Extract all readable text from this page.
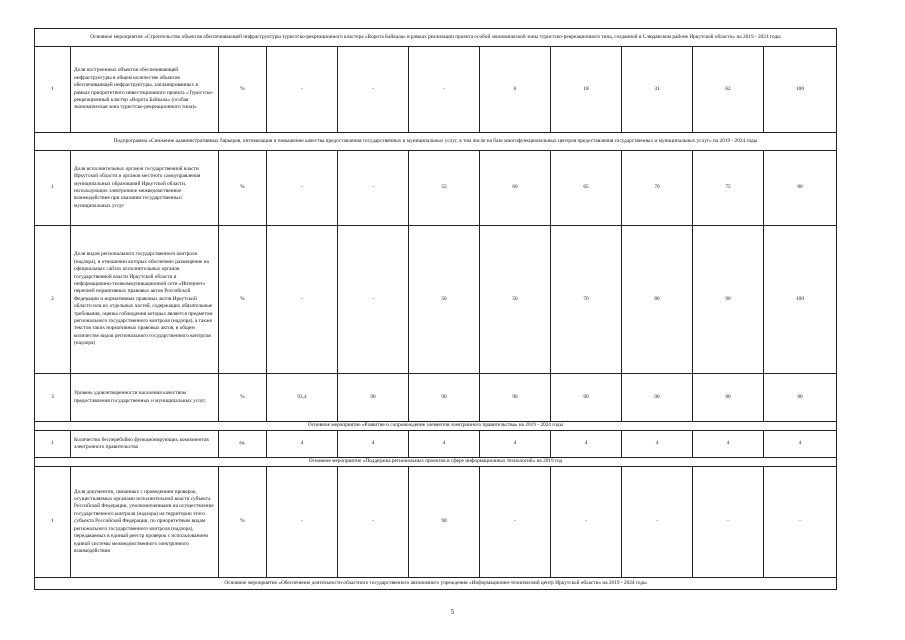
Основное мероприятие «Строительство объектов обеспечивающей инфраструктуры туристско-рекреационного кластера «Ворота Байкала» в рамках реализации проекта особой экономической зоны туристско-рекреационного типа, созданной в Слюдянском районе Иркутской области» на 2019 - 2024 годы										
1	Доля построенных объектов обеспечивающей инфраструктуры в общем количестве объектов обеспечивающей инфраструктуры, запланированных в рамках приоритетного инвестиционного проекта «Туристско-рекреационный кластер «Ворота Байкала» (особая экономическая зона туристско-рекреационного типа)»	%	-	-	-	6	18	31	62	100
Подпрограмма «Снижение административных барьеров, оптимизация и повышение качества предоставления государственных и муниципальных услуг, в том числе на базе многофункциональных центров предоставления государственных и муниципальных услуг» на 2019 - 2024 годы										
1	Доля исполнительных органов государственной власти Иркутской области и органов местного самоуправления муниципальных образований Иркутской области, использующих электронное межведомственное взаимодействие при оказании государственных/муниципальных услуг	%	-	-	55	60	65	70	75	80
2	Доля видов регионального государственного контроля (надзора), в отношении которых обеспечено размещение на официальных сайтах исполнительных органов государственной власти Иркутской области в информационно-телекоммуникационной сети «Интернет» перечней нормативных правовых актов Российской Федерации и нормативных правовых актов Иркутской области или их отдельных частей, содержащих обязательные требования, оценка соблюдения которых является предметом регионального государственного контроля (надзора), а также текстов таких нормативных правовых актов, в общем количестве видов регионального государственного контроля (надзора)	%	-	-	50	50	70	80	90	100
3	Уровень удовлетворенности населения качеством предоставления государственных и муниципальных услуг	%	93,4	90	90	90	90	90	90	90
Основное мероприятие «Развитие и сопровождение элементов электронного правительства» на 2019 - 2024 годы										
1	Количество бесперебойно функционирующих компонентов электронного правительства	ед.	4	4	4	4	4	4	4	4
Основное мероприятие «Поддержка региональных проектов в сфере информационных технологий» на 2019 год										
1	Доля документов, связанных с проведением проверок, осуществляемых органами исполнительной власти субъекта Российской Федерации, уполномоченными на осуществление государственного контроля (надзора) на территории этого субъекта Российской Федерации, по приоритетным видам регионального государственного контроля (надзора), передаваемых в единый реестр проверок с использованием единой системы межведомственного электронного взаимодействия	%	-	-	90	-	-	-	-	-
Основное мероприятие «Обеспечение деятельности областного государственного автономного учреждения «Информационно-технический центр Иркутской области» на 2019 - 2024 годы										
5
